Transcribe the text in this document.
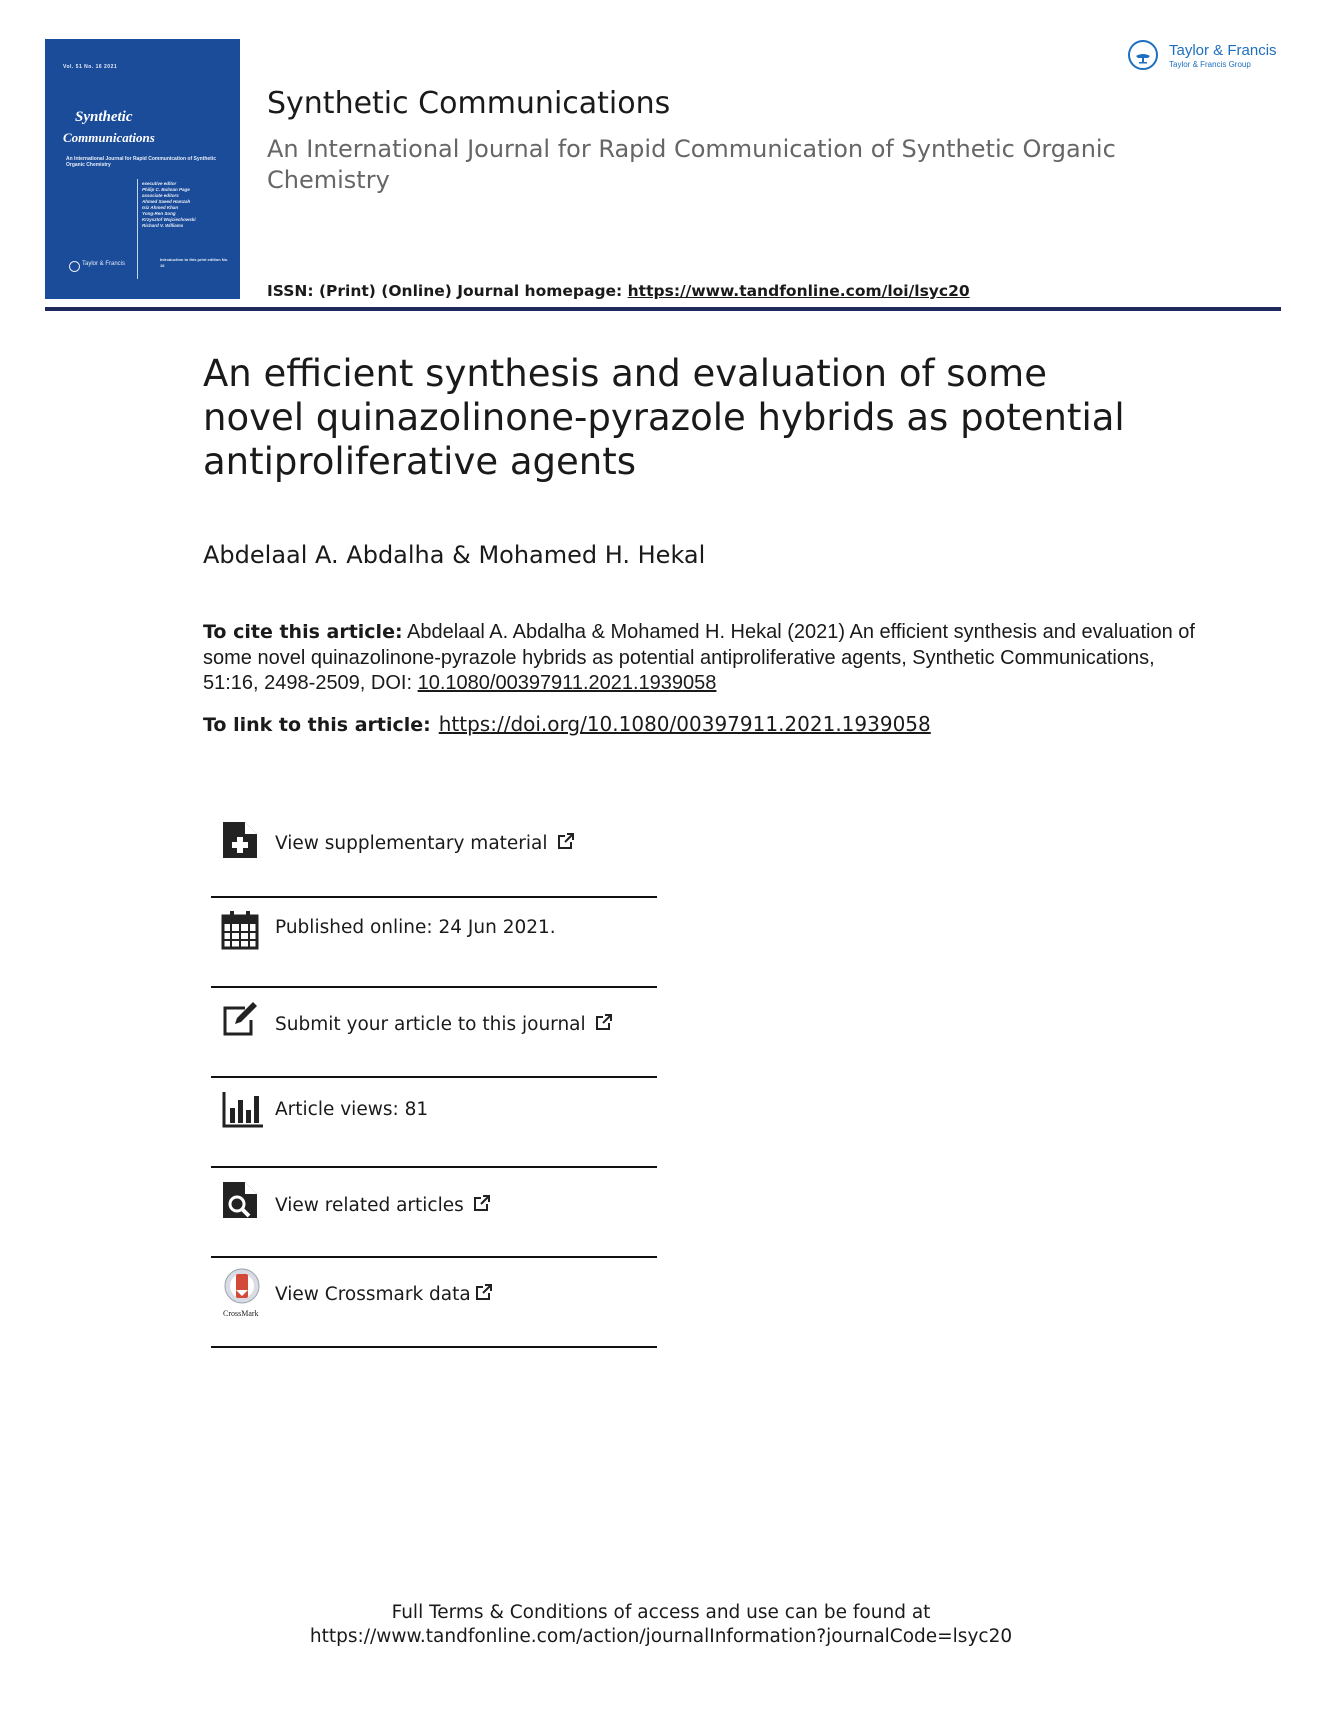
Vol. 51 No. 16 2021
Synthetic
Communications
An International Journal for Rapid Communication of Synthetic Organic Chemistry
executive editor
Philip C. Bulman Page
associate editors
Ahmed Saeed Hamzah
Isiz Ahmed Khan
Yong-Ren Song
Krzysztof Wojciechowski
Richard V. Williams
Taylor & Francis
Introduction to this print edition No. 16
Synthetic Communications
An International Journal for Rapid Communication of Synthetic Organic Chemistry
ISSN: (Print) (Online) Journal homepage: https://www.tandfonline.com/loi/lsyc20
Taylor & Francis
Taylor & Francis Group
An efficient synthesis and evaluation of some novel quinazolinone-pyrazole hybrids as potential antiproliferative agents
Abdelaal A. Abdalha & Mohamed H. Hekal
To cite this article: Abdelaal A. Abdalha & Mohamed H. Hekal (2021) An efficient synthesis and evaluation of some novel quinazolinone-pyrazole hybrids as potential antiproliferative agents, Synthetic Communications, 51:16, 2498-2509, DOI: 10.1080/00397911.2021.1939058
To link to this article: https://doi.org/10.1080/00397911.2021.1939058
View supplementary material
Published online: 24 Jun 2021.
Submit your article to this journal
Article views: 81
View related articles
CrossMark
View Crossmark data
Full Terms & Conditions of access and use can be found at
https://www.tandfonline.com/action/journalInformation?journalCode=lsyc20
